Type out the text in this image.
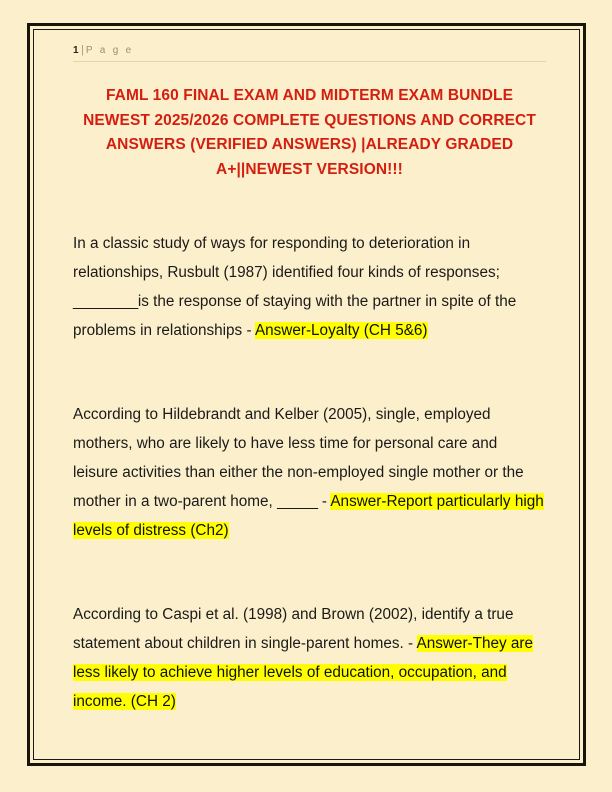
1 | P a g e
FAML 160 FINAL EXAM AND MIDTERM EXAM BUNDLE NEWEST 2025/2026 COMPLETE QUESTIONS AND CORRECT ANSWERS (VERIFIED ANSWERS) |ALREADY GRADED A+||NEWEST VERSION!!!

In a classic study of ways for responding to deterioration in relationships, Rusbult (1987) identified four kinds of responses; ________is the response of staying with the partner in spite of the problems in relationships - Answer-Loyalty (CH 5&6)

According to Hildebrandt and Kelber (2005), single, employed mothers, who are likely to have less time for personal care and leisure activities than either the non-employed single mother or the mother in a two-parent home, _____ - Answer-Report particularly high levels of distress (Ch2)

According to Caspi et al. (1998) and Brown (2002), identify a true statement about children in single-parent homes. - Answer-They are less likely to achieve higher levels of education, occupation, and income. (CH 2)
